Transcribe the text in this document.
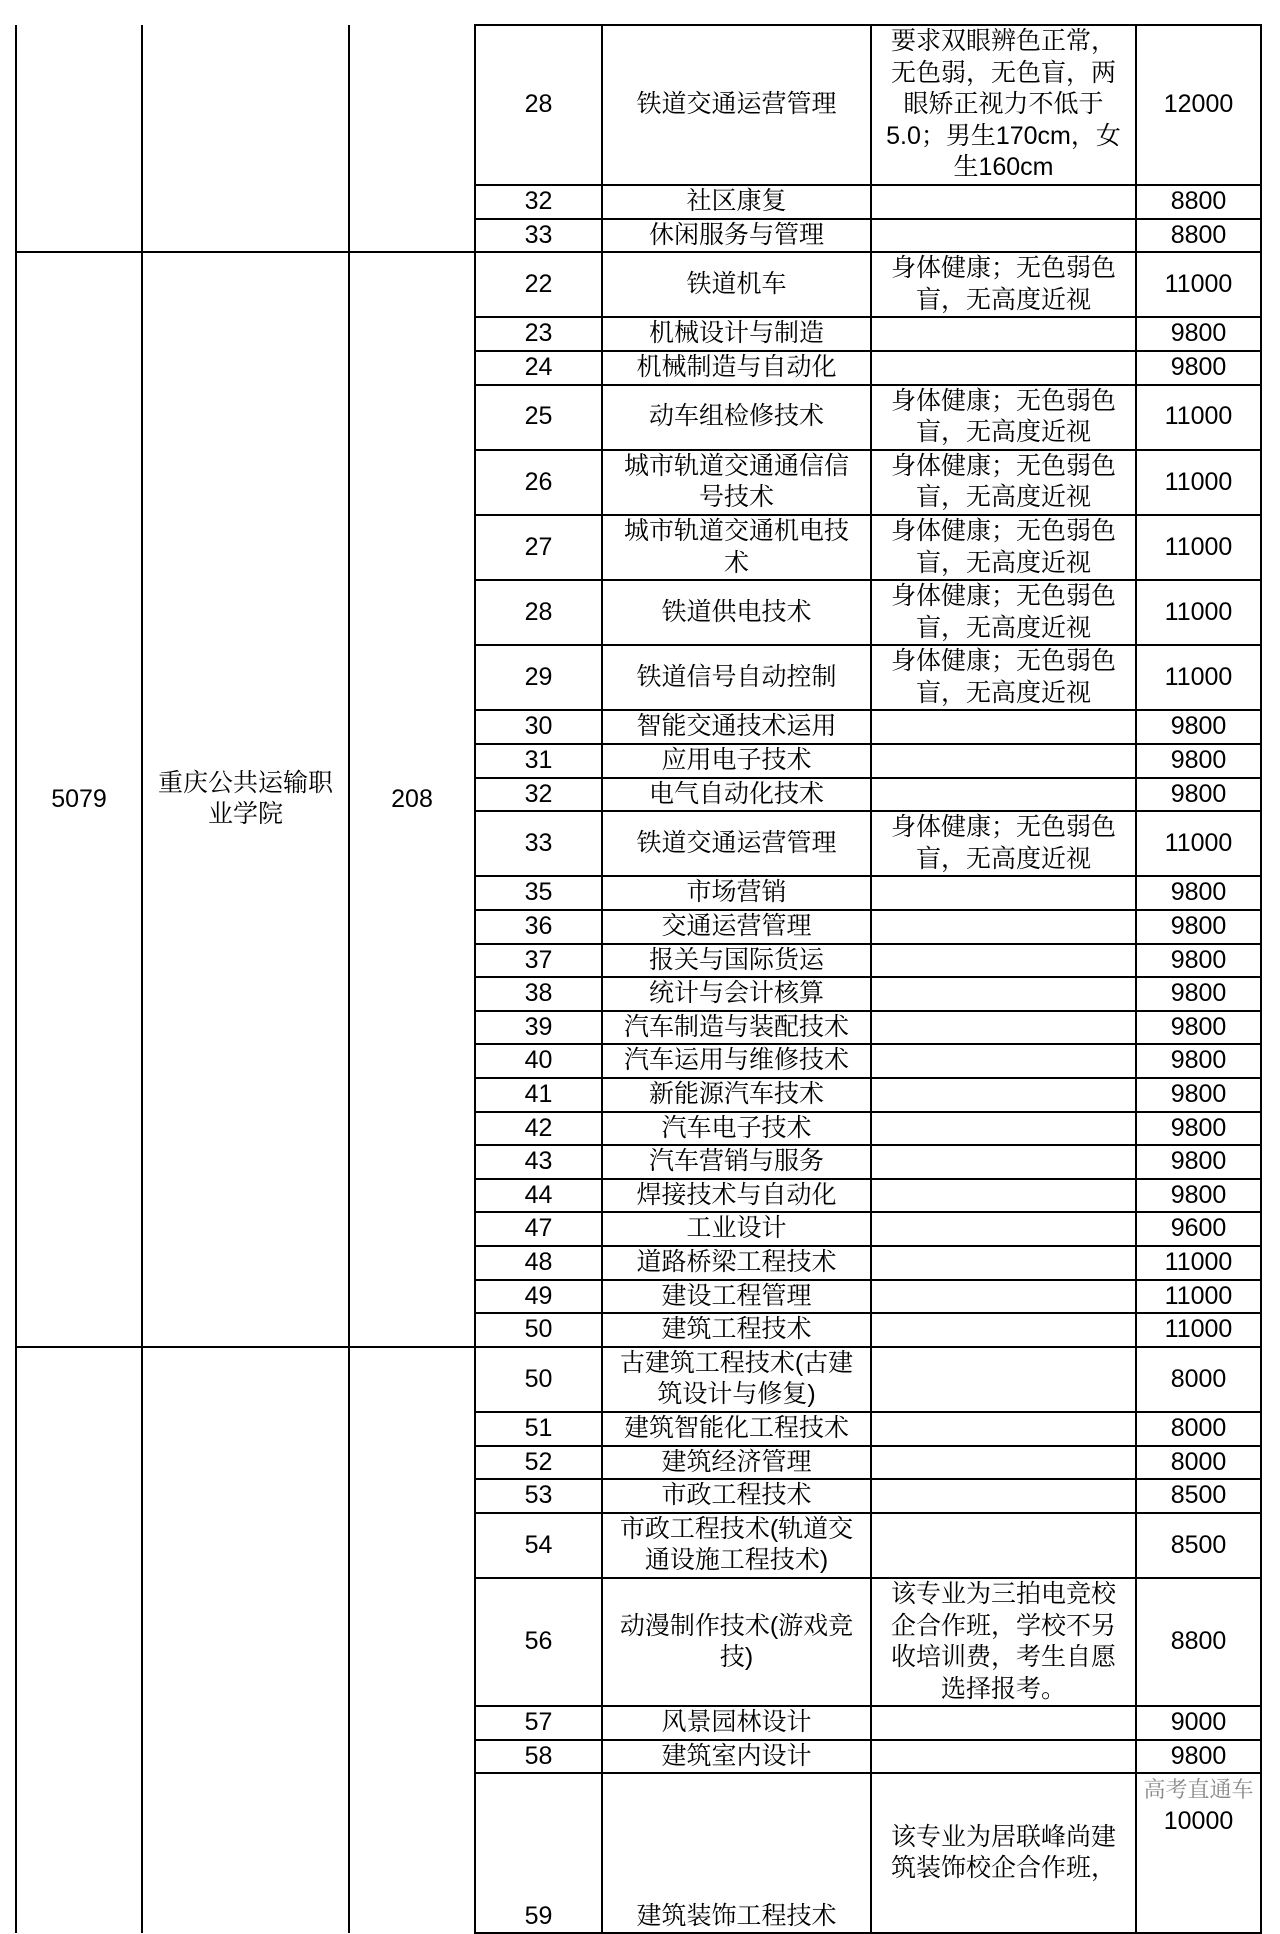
			28	铁道交通运营管理	要求双眼辨色正常，
无色弱，无色盲，两
眼矫正视力不低于
5.0；男生170cm，女
生160cm	12000
			32	社区康复		8800
			33	休闲服务与管理		8800
5079	重庆公共运输职
业学院	208	22	铁道机车	身体健康；无色弱色
盲，无高度近视	11000
			23	机械设计与制造		9800
			24	机械制造与自动化		9800
			25	动车组检修技术	身体健康；无色弱色
盲，无高度近视	11000
			26	城市轨道交通通信信
号技术	身体健康；无色弱色
盲，无高度近视	11000
			27	城市轨道交通机电技
术	身体健康；无色弱色
盲，无高度近视	11000
			28	铁道供电技术	身体健康；无色弱色
盲，无高度近视	11000
			29	铁道信号自动控制	身体健康；无色弱色
盲，无高度近视	11000
			30	智能交通技术运用		9800
			31	应用电子技术		9800
			32	电气自动化技术		9800
			33	铁道交通运营管理	身体健康；无色弱色
盲，无高度近视	11000
			35	市场营销		9800
			36	交通运营管理		9800
			37	报关与国际货运		9800
			38	统计与会计核算		9800
			39	汽车制造与装配技术		9800
			40	汽车运用与维修技术		9800
			41	新能源汽车技术		9800
			42	汽车电子技术		9800
			43	汽车营销与服务		9800
			44	焊接技术与自动化		9800
			47	工业设计		9600
			48	道路桥梁工程技术		11000
			49	建设工程管理		11000
			50	建筑工程技术		11000
			50	古建筑工程技术(古建
筑设计与修复)		8000
			51	建筑智能化工程技术		8000
			52	建筑经济管理		8000
			53	市政工程技术		8500
			54	市政工程技术(轨道交
通设施工程技术)		8500
			56	动漫制作技术(游戏竞
技)	该专业为三拍电竞校
企合作班，学校不另
收培训费，考生自愿
选择报考。	8800
			57	风景园林设计		9000
			58	建筑室内设计		9800
			59	建筑装饰工程技术	该专业为居联峰尚建
筑装饰校企合作班，	高考直通车
10000
